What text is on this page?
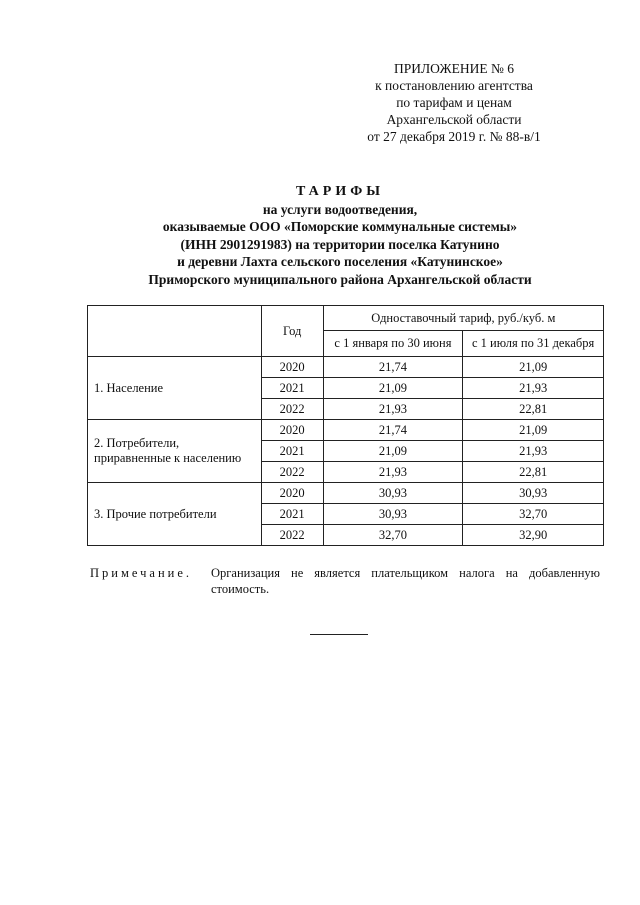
ПРИЛОЖЕНИЕ № 6
к постановлению агентства
по тарифам и ценам
Архангельской области
от 27 декабря 2019 г. № 88-в/1
ТАРИФЫ
на услуги водоотведения,
оказываемые ООО «Поморские коммунальные системы»
(ИНН 2901291983) на территории поселка Катунино
и деревни Лахта сельского поселения «Катунинское»
Приморского муниципального района Архангельской области
	Год	Одноставочный тариф, руб./куб. м	
		с 1 января по 30 июня	с 1 июля по 31 декабря
1. Население	2020	21,74	21,09
	2021	21,09	21,93
	2022	21,93	22,81

2. Потребители,
приравненные к населению	2020	21,74	21,09
	2021	21,09	21,93
	2022	21,93	22,81
3. Прочие потребители	2020	30,93	30,93
	2021	30,93	32,70
	2022	32,70	32,90
Примечание. Организация не является плательщиком налога на добавленную стоимость.
